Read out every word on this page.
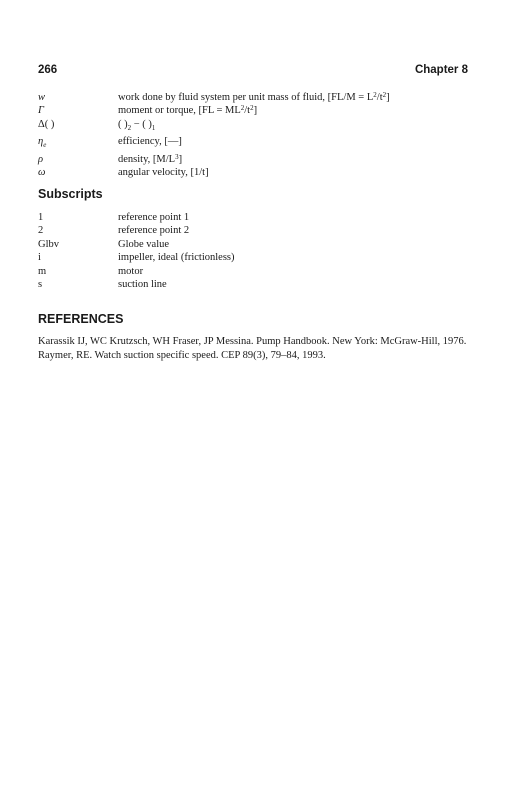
266	Chapter 8
w	work done by fluid system per unit mass of fluid, $[FL/M = L^2/t^2]$
Γ	moment or torque, $[FL = ML^2/t^2]$
Δ( )	( )$_2$ − ( )$_1$
$\eta_e$	efficiency, [—]
ρ	density, $[M/L^3]$
ω	angular velocity, [1/t]
Subscripts
1	reference point 1
2	reference point 2
Glbv	Globe value
i	impeller, ideal (frictionless)
m	motor
s	suction line
REFERENCES

Karassik IJ, WC Krutzsch, WH Fraser, JP Messina. Pump Handbook. New York: McGraw-Hill, 1976.

Raymer, RE. Watch suction specific speed. CEP 89(3), 79–84, 1993.
